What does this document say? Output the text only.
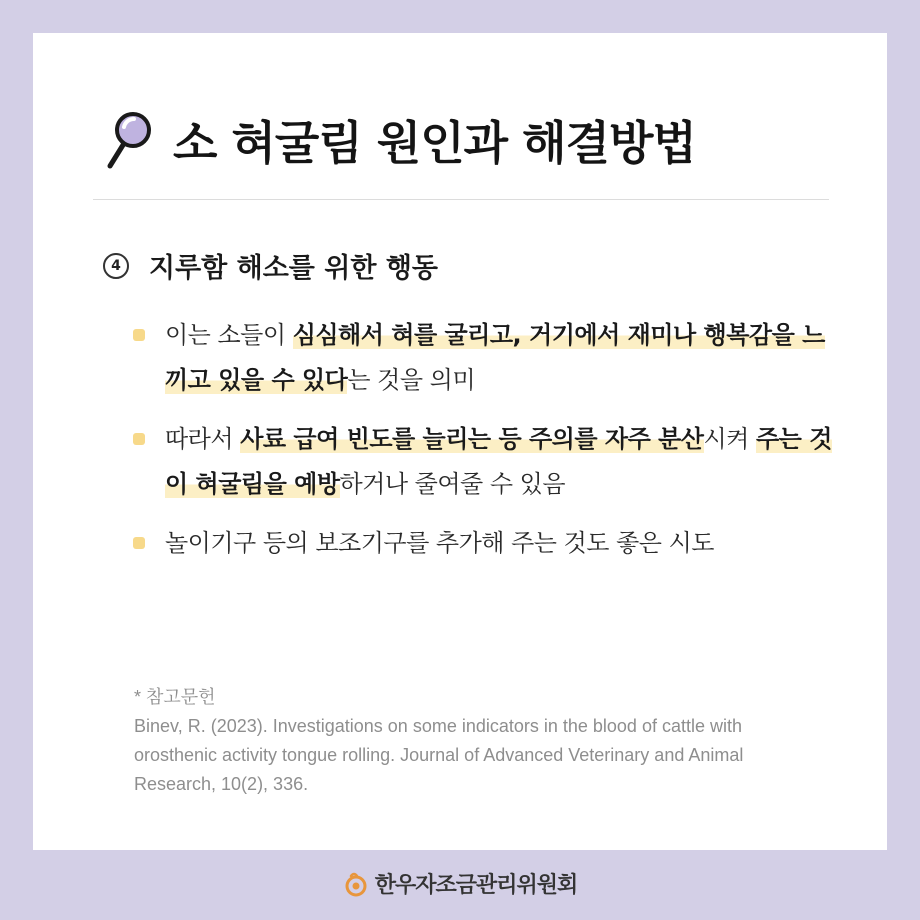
소 혀굴림 원인과 해결방법
4	지루함 해소를 위한 행동
이는 소들이 심심해서 혀를 굴리고, 거기에서 재미나 행복감을 느끼고 있을 수 있다는 것을 의미
따라서 사료 급여 빈도를 늘리는 등 주의를 자주 분산시켜 주는 것이 혀굴림을 예방하거나 줄여줄 수 있음
놀이기구 등의 보조기구를 추가해 주는 것도 좋은 시도
* 참고문헌
Binev, R. (2023). Investigations on some indicators in the blood of cattle with orosthenic activity tongue rolling. Journal of Advanced Veterinary and Animal Research, 10(2), 336.
한우자조금관리위원회
